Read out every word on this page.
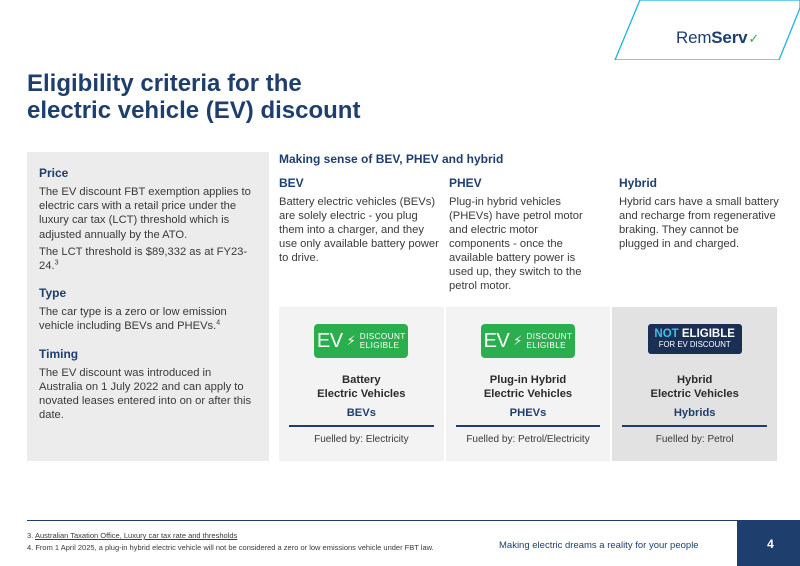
RemServ✓
Eligibility criteria for the
electric vehicle (EV) discount
Price

The EV discount FBT exemption applies to electric cars with a retail price under the luxury car tax (LCT) threshold which is adjusted annually by the ATO.

The LCT threshold is $89,332 as at FY23-24.$^3$

Type

The car type is a zero or low emission vehicle including BEVs and PHEVs.$^4$

Timing

The EV discount was introduced in Australia on 1 July 2022 and can apply to novated leases entered into on or after this date.

Making sense of BEV, PHEV and hybrid
BEV

Battery electric vehicles (BEVs) are solely electric - you plug them into a charger, and they use only available battery power to drive.

PHEV

Plug-in hybrid vehicles (PHEVs) have petrol motor and electric motor components - once the available battery power is used up, they switch to the petrol motor.

Hybrid

Hybrid cars have a small battery and recharge from regenerative braking. They cannot be plugged in and charged.

EV ⚡ DISCOUNT
ELIGIBLE
Battery
Electric Vehicles
BEVs
Fuelled by: Electricity
EV ⚡ DISCOUNT
ELIGIBLE
Plug-in Hybrid
Electric Vehicles
PHEVs
Fuelled by: Petrol/Electricity
NOT ELIGIBLE
FOR EV DISCOUNT
Hybrid
Electric Vehicles
Hybrids
Fuelled by: Petrol
3. Australian Taxation Office, Luxury car tax rate and thresholds
4. From 1 April 2025, a plug-in hybrid electric vehicle will not be considered a zero or low emissions vehicle under FBT law.	Making electric dreams a reality for your people	4
